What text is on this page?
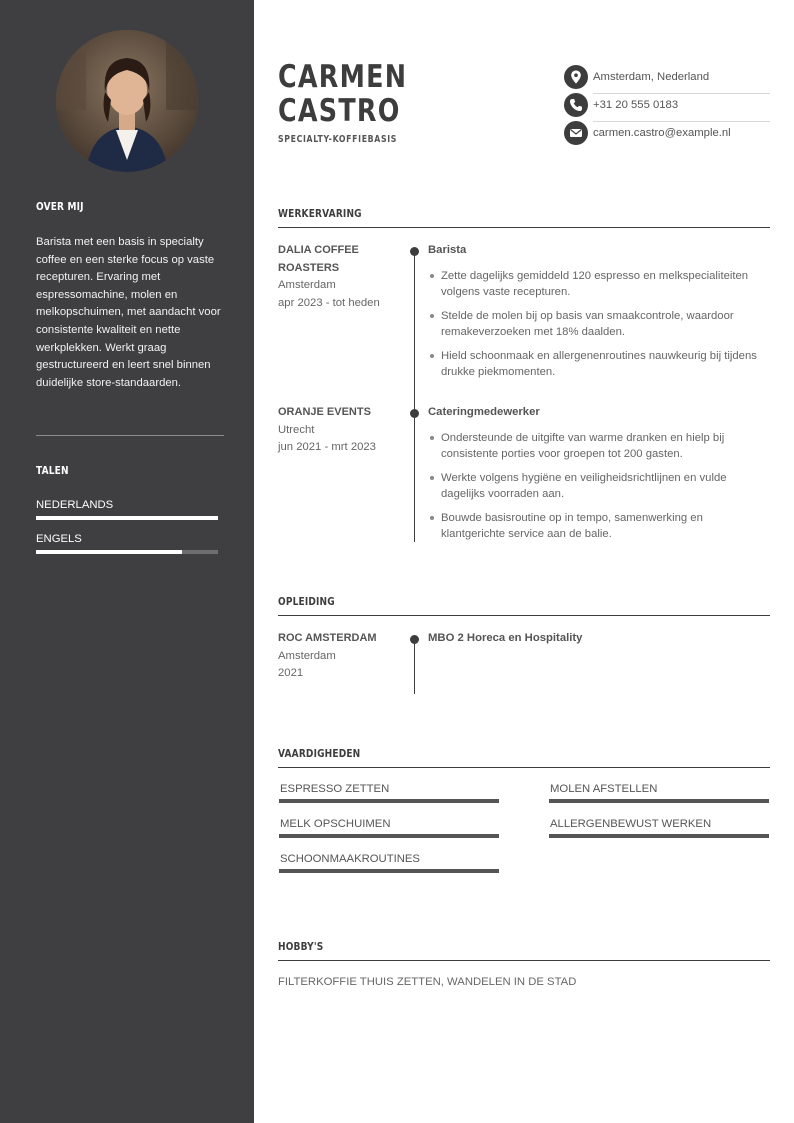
OVER MIJ
Barista met een basis in specialty coffee en een sterke focus op vaste recepturen. Ervaring met espressomachine, molen en melkopschuimen, met aandacht voor consistente kwaliteit en nette werkplekken. Werkt graag gestructureerd en leert snel binnen duidelijke store-standaarden.
TALEN
NEDERLANDS
ENGELS
CARMEN
CASTRO
SPECIALTY-KOFFIEBASIS
Amsterdam, Nederland
+31 20 555 0183
carmen.castro@example.nl
WERKERVARING
DALIA COFFEE ROASTERS
Amsterdam
apr 2023 - tot heden
Barista
Zette dagelijks gemiddeld 120 espresso en melkspecialiteiten volgens vaste recepturen.
Stelde de molen bij op basis van smaakcontrole, waardoor remakeverzoeken met 18% daalden.
Hield schoonmaak en allergenenroutines nauwkeurig bij tijdens drukke piekmomenten.
ORANJE EVENTS
Utrecht
jun 2021 - mrt 2023
Cateringmedewerker
Ondersteunde de uitgifte van warme dranken en hielp bij consistente porties voor groepen tot 200 gasten.
Werkte volgens hygiëne en veiligheidsrichtlijnen en vulde dagelijks voorraden aan.
Bouwde basisroutine op in tempo, samenwerking en klantgerichte service aan de balie.
OPLEIDING
ROC AMSTERDAM
Amsterdam
2021
MBO 2 Horeca en Hospitality
VAARDIGHEDEN
ESPRESSO ZETTEN	MOLEN AFSTELLEN
MELK OPSCHUIMEN	ALLERGENBEWUST WERKEN
SCHOONMAAKROUTINES
HOBBY'S
FILTERKOFFIE THUIS ZETTEN, WANDELEN IN DE STAD
